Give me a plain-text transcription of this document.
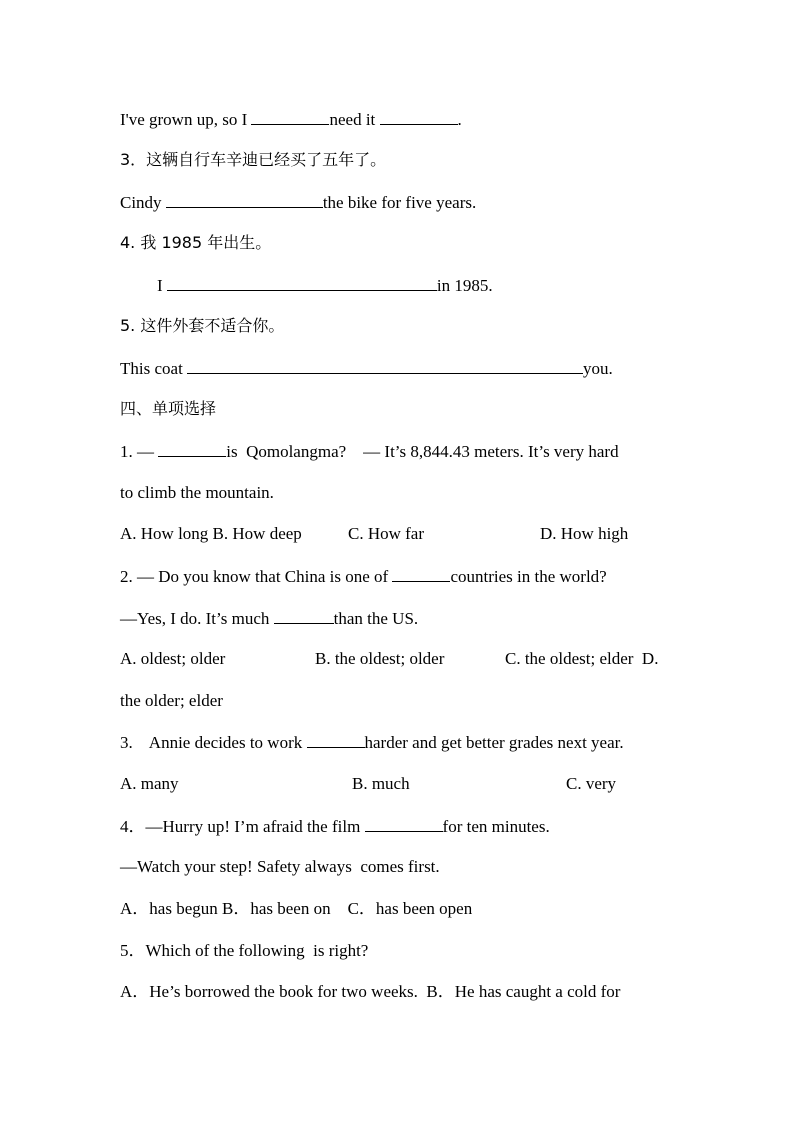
I've grown up, so I	need it	.
3．这辆自行车辛迪已经买了五年了。
Cindy	the bike for five years.
4. 我 1985 年出生。
I	in 1985.
5. 这件外套不适合你。
This coat	you.
四、单项选择
1. —	is  Qomolangma?    — It’s 8,844.43 meters. It’s very hard
to climb the mountain.
A. How long B. How deep	C. How far	D. How high
2. — Do you know that China is one of	countries in the world?
—Yes, I do. It’s much	than the US.
A. oldest; older	B. the oldest; older	C. the oldest; elder  D.
the older; elder
3.    Annie decides to work	harder and get better grades next year.
A. many	B. much	C. very
4．—Hurry up! I’m afraid the film	for ten minutes.
—Watch your step! Safety always  comes first.
A．has begun B．has been on    C．has been open
5．Which of the following  is right?
A．He’s borrowed the book for two weeks.  B．He has caught a cold for
